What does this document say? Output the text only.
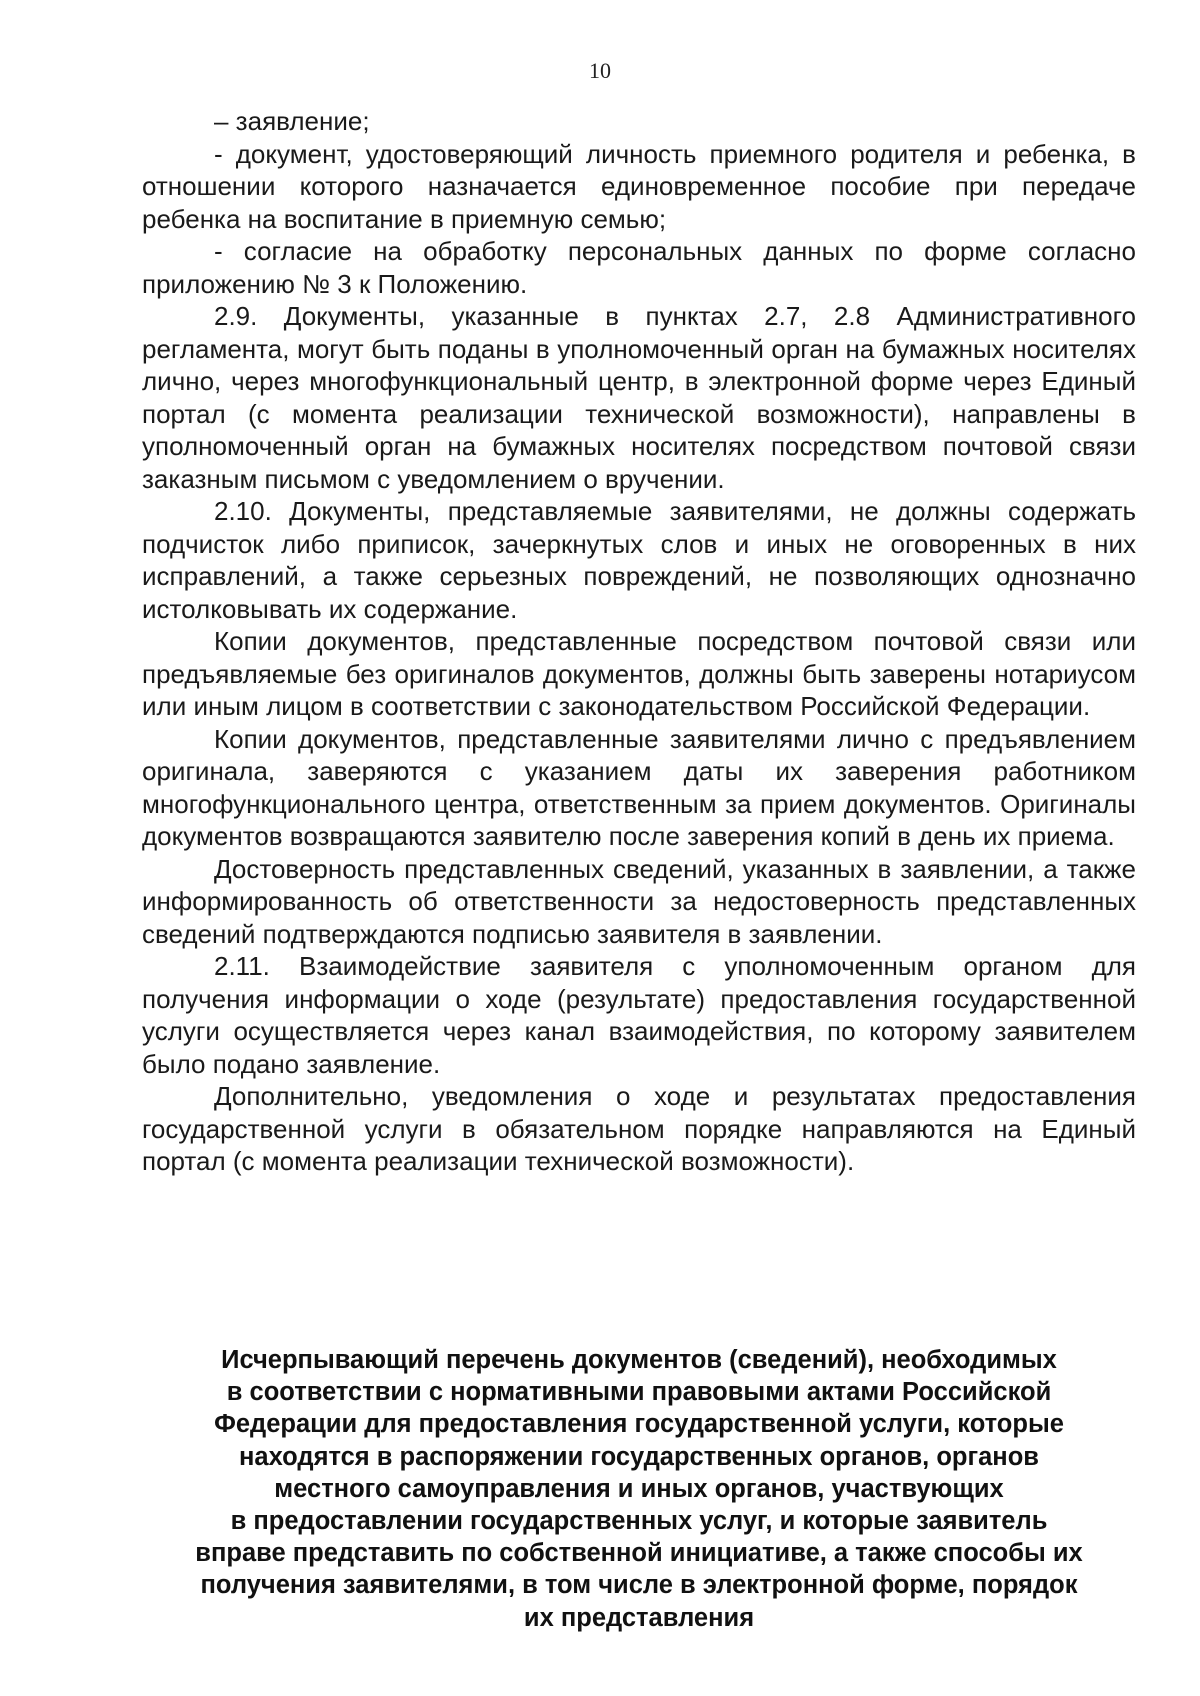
10

– заявление;

- документ, удостоверяющий личность приемного родителя и ребенка, в отношении которого назначается единовременное пособие при передаче ребенка на воспитание в приемную семью;

- согласие на обработку персональных данных по форме согласно приложению № 3 к Положению.

2.9. Документы, указанные в пунктах 2.7, 2.8 Административного регламента, могут быть поданы в уполномоченный орган на бумажных носителях лично, через многофункциональный центр, в электронной форме через Единый портал (с момента реализации технической возможности), направлены в уполномоченный орган на бумажных носителях посредством почтовой связи заказным письмом с уведомлением о вручении.

2.10. Документы, представляемые заявителями, не должны содержать подчисток либо приписок, зачеркнутых слов и иных не оговоренных в них исправлений, а также серьезных повреждений, не позволяющих однозначно истолковывать их содержание.

Копии документов, представленные посредством почтовой связи или предъявляемые без оригиналов документов, должны быть заверены нотариусом или иным лицом в соответствии с законодательством Российской Федерации.

Копии документов, представленные заявителями лично с предъявлением оригинала, заверяются с указанием даты их заверения работником многофункционального центра, ответственным за прием документов. Оригиналы документов возвращаются заявителю после заверения копий в день их приема.

Достоверность представленных сведений, указанных в заявлении, а также информированность об ответственности за недостоверность представленных сведений подтверждаются подписью заявителя в заявлении.

2.11. Взаимодействие заявителя с уполномоченным органом для получения информации о ходе (результате) предоставления государственной услуги осуществляется через канал взаимодействия, по которому заявителем было подано заявление.

Дополнительно, уведомления о ходе и результатах предоставления государственной услуги в обязательном порядке направляются на Единый портал (с момента реализации технической возможности).

Исчерпывающий перечень документов (сведений), необходимых
в соответствии с нормативными правовыми актами Российской
Федерации для предоставления государственной услуги, которые
находятся в распоряжении государственных органов, органов
местного самоуправления и иных органов, участвующих
в предоставлении государственных услуг, и которые заявитель
вправе представить по собственной инициативе, а также способы их
получения заявителями, в том числе в электронной форме, порядок
их представления
